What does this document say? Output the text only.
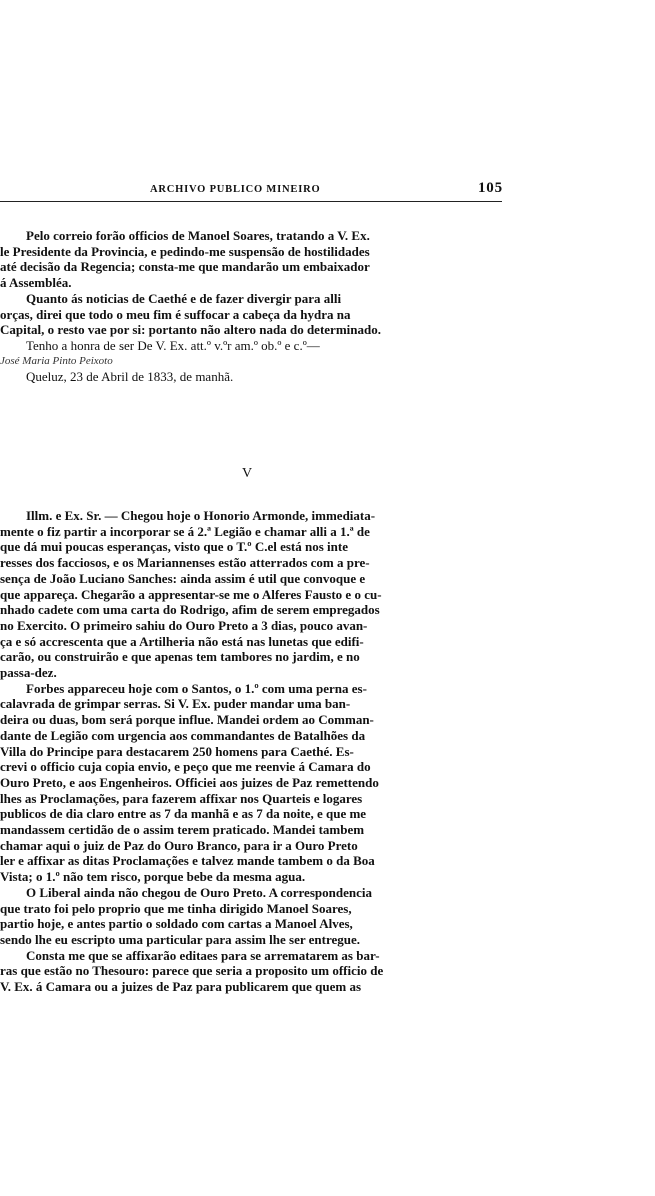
ARCHIVO PUBLICO MINEIRO	105
  Pelo correio forão officios de Manoel Soares, tratando a V. Ex.
le Presidente da Provincia, e pedindo-me suspensão de hostilidades
até decisão da Regencia; consta-me que mandarão um embaixador
á Assembléa.
  Quanto ás noticias de Caethé e de fazer divergir para alli
orças, direi que todo o meu fim é suffocar a cabeça da hydra na
Capital, o resto vae por si: portanto não altero nada do determinado.
  Tenho a honra de ser De V. Ex. att.º v.ºr am.º ob.º e c.º—
José Maria Pinto Peixoto
  Queluz, 23 de Abril de 1833, de manhã.
V
  Illm. e Ex. Sr. — Chegou hoje o Honorio Armonde, immediata-
mente o fiz partir a incorporar se á 2.ª Legião e chamar alli a 1.ª de
que dá mui poucas esperanças, visto que o T.º C.el está nos inte
resses dos facciosos, e os Mariannenses estão atterrados com a pre-
sença de João Luciano Sanches: ainda assim é util que convoque e
que appareça. Chegarão a appresentar-se me o Alferes Fausto e o cu-
nhado cadete com uma carta do Rodrigo, afim de serem empregados
no Exercito. O primeiro sahiu do Ouro Preto a 3 dias, pouco avan-
ça e só accrescenta que a Artilheria não está nas lunetas que edifi-
carão, ou construirão e que apenas tem tambores no jardim, e no
passa-dez.
  Forbes appareceu hoje com o Santos, o 1.º com uma perna es-
calavrada de grimpar serras. Si V. Ex. puder mandar uma ban-
deira ou duas, bom será porque influe. Mandei ordem ao Comman-
dante de Legião com urgencia aos commandantes de Batalhões da
Villa do Principe para destacarem 250 homens para Caethé. Es-
crevi o officio cuja copia envio, e peço que me reenvie á Camara do
Ouro Preto, e aos Engenheiros. Officiei aos juizes de Paz remettendo
lhes as Proclamações, para fazerem affixar nos Quarteis e logares
publicos de dia claro entre as 7 da manhã e as 7 da noite, e que me
mandassem certidão de o assim terem praticado. Mandei tambem
chamar aqui o juiz de Paz do Ouro Branco, para ir a Ouro Preto
ler e affixar as ditas Proclamações e talvez mande tambem o da Boa
Vista; o 1.º não tem risco, porque bebe da mesma agua.
  O Liberal ainda não chegou de Ouro Preto. A correspondencia
que trato foi pelo proprio que me tinha dirigido Manoel Soares,
partio hoje, e antes partio o soldado com cartas a Manoel Alves,
sendo lhe eu escripto uma particular para assim lhe ser entregue.
  Consta me que se affixarão editaes para se arrematarem as bar-
ras que estão no Thesouro: parece que seria a proposito um officio de
V. Ex. á Camara ou a juizes de Paz para publicarem que quem as
